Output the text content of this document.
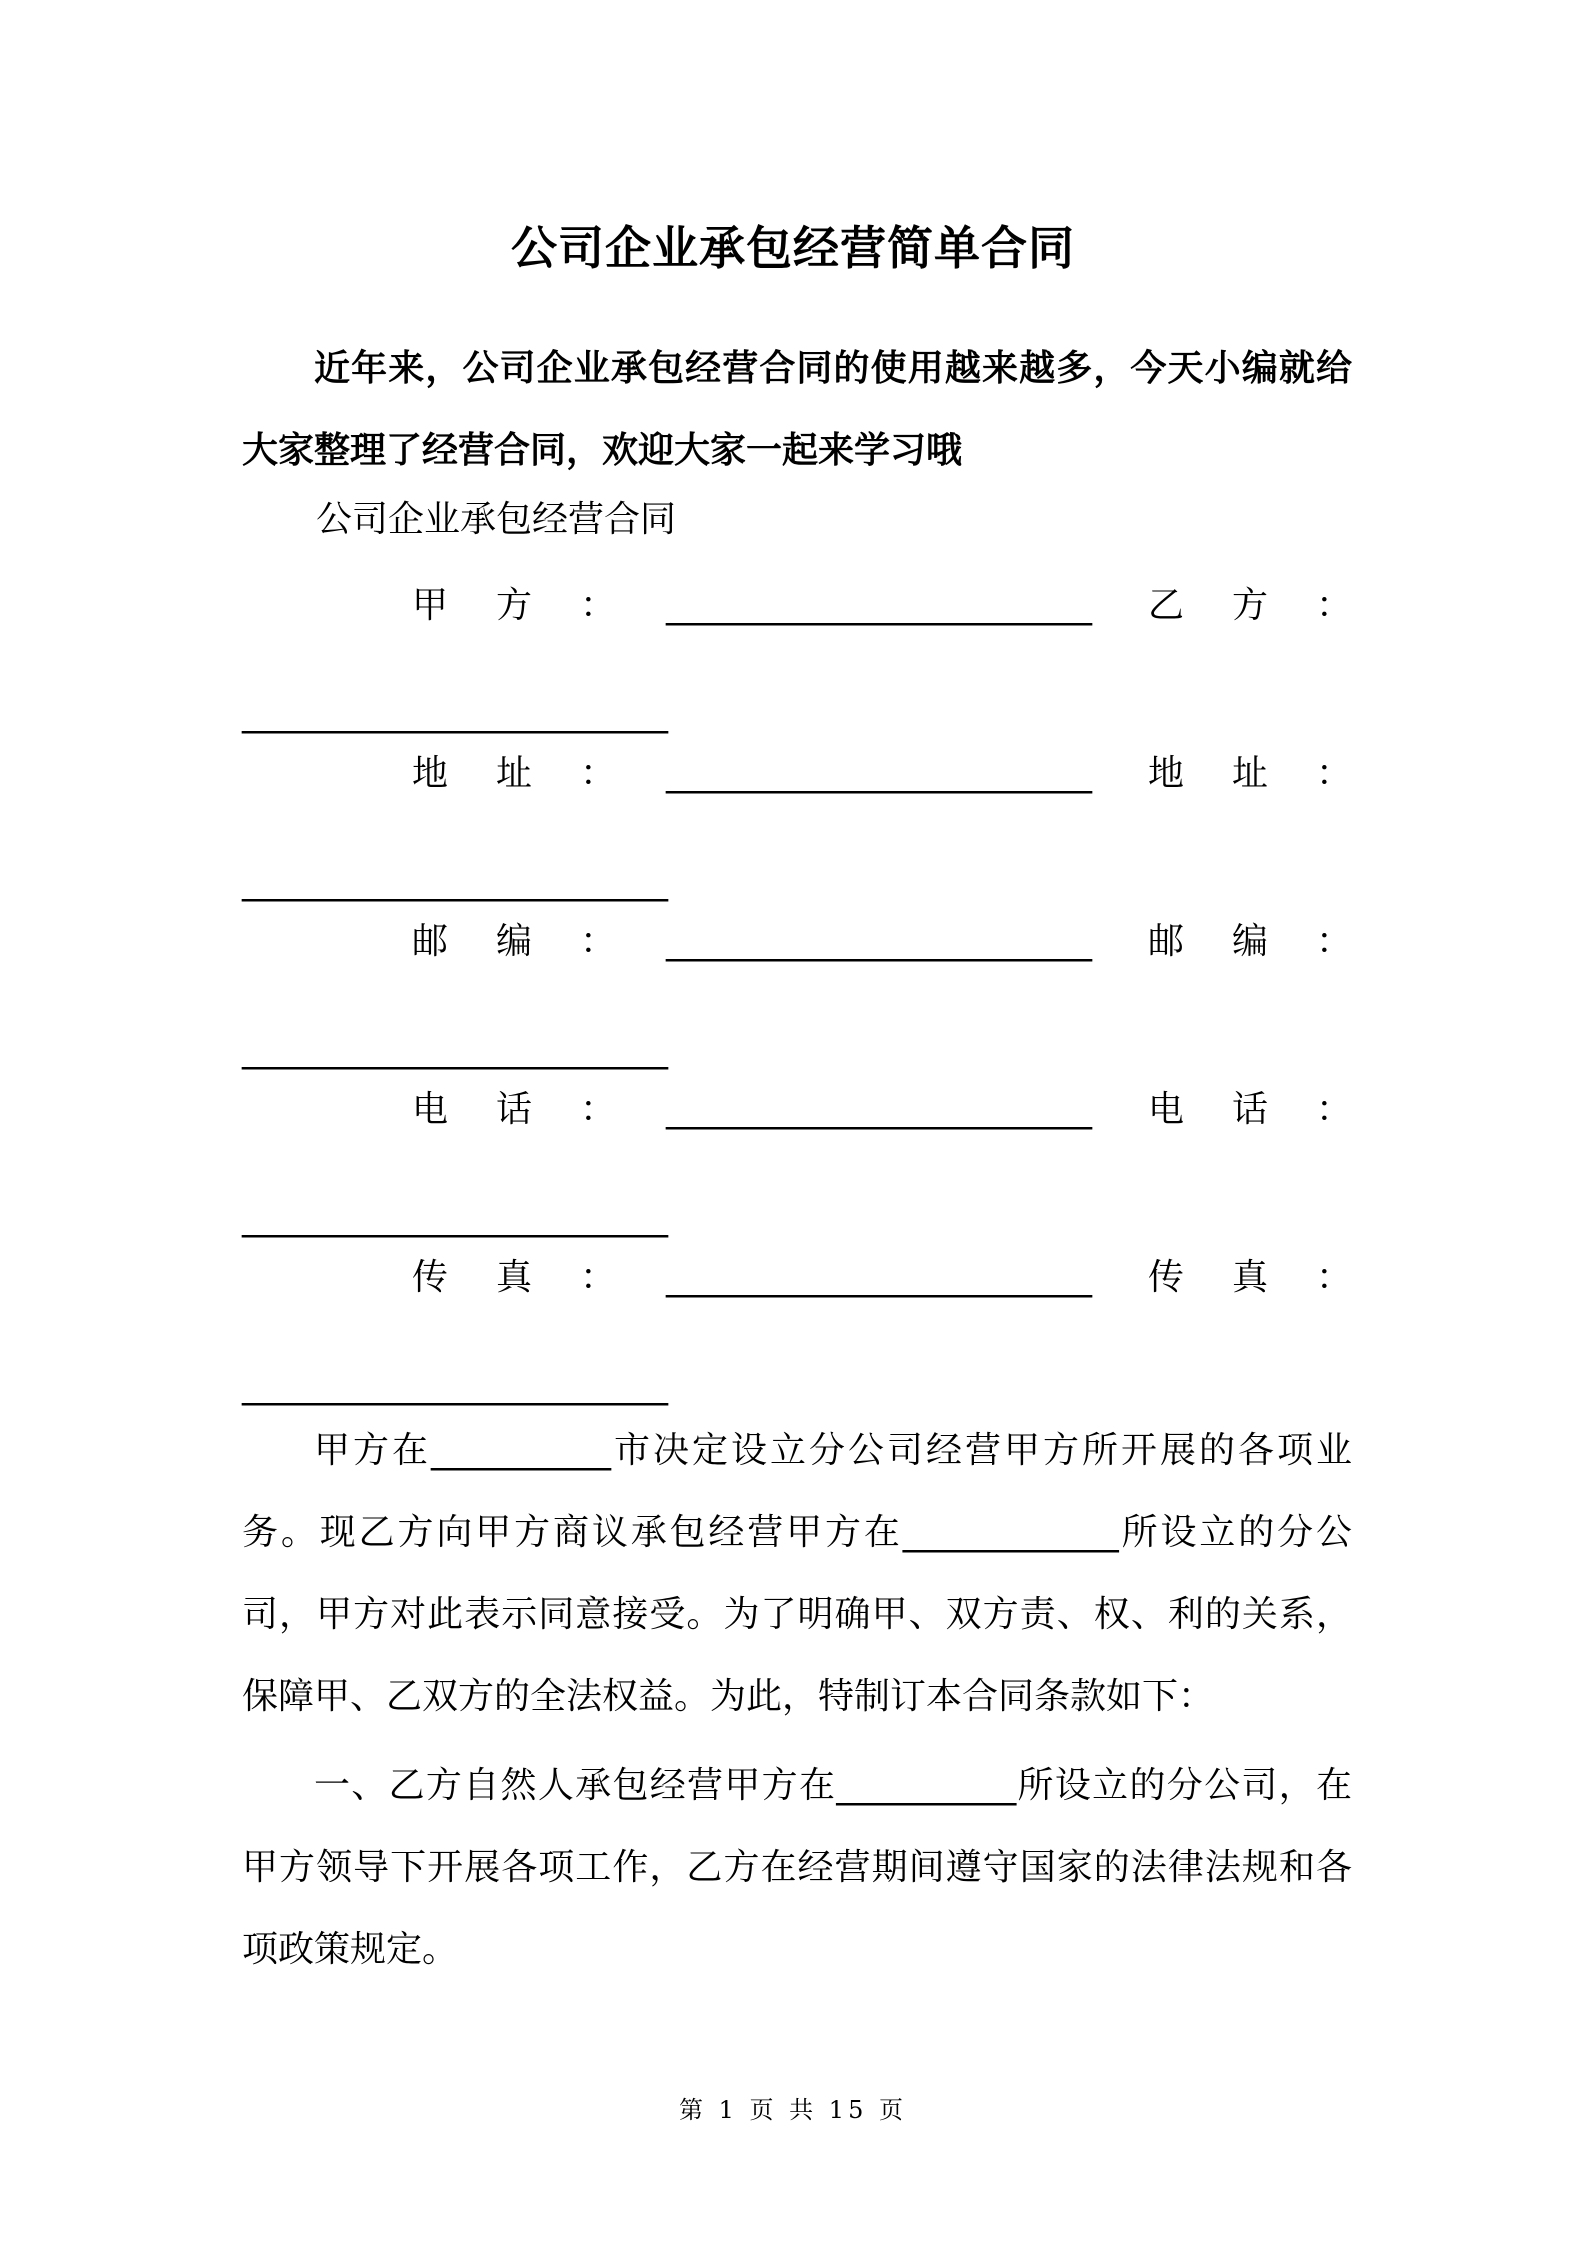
公司企业承包经营简单合同

近年来，公司企业承包经营合同的使用越来越多，今天小编就给大家整理了经营合同，欢迎大家一起来学习哦

公司企业承包经营合同

甲 方 ： _________________________ 乙 方 ：
_________________________
地 址 ： _________________________ 地 址 ：
_________________________
邮 编 ： _________________________ 邮 编 ：
_________________________
电 话 ： _________________________ 电 话 ：
_________________________
传 真 ： _________________________ 传 真 ：
_________________________

甲方在__________市决定设立分公司经营甲方所开展的各项业务。现乙方向甲方商议承包经营甲方在____________所设立的分公司，甲方对此表示同意接受。为了明确甲、双方责、权、利的关系，保障甲、乙双方的全法权益。为此，特制订本合同条款如下：

一、乙方自然人承包经营甲方在__________所设立的分公司，在甲方领导下开展各项工作，乙方在经营期间遵守国家的法律法规和各项政策规定。

第 1 页 共 15 页
